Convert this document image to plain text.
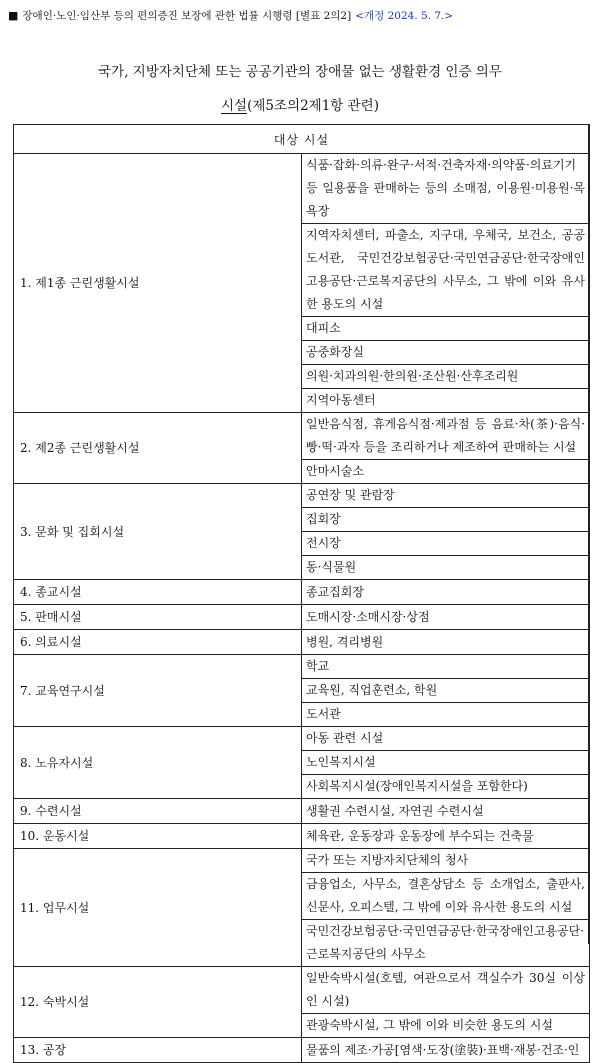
■ 장애인·노인·임산부 등의 편의증진 보장에 관한 법률 시행령 [별표 2의2] <개정 2024. 5. 7.>
국가, 지방자치단체 또는 공공기관의 장애물 없는 생활환경 인증 의무
시설(제5조의2제1항 관련)
대상 시설	
1. 제1종 근린생활시설	식품·잡화·의류·완구·서적·건축자재·의약품·의료기기 등 일용품을 판매하는 등의 소매점, 이용원·미용원·목욕장
	지역자치센터, 파출소, 지구대, 우체국, 보건소, 공공도서관, 국민건강보험공단·국민연금공단·한국장애인고용공단·근로복지공단의 사무소, 그 밖에 이와 유사한 용도의 시설
	대피소
	공중화장실
	의원·치과의원·한의원·조산원·산후조리원
	지역아동센터
2. 제2종 근린생활시설	일반음식점, 휴게음식점·제과점 등 음료·차(茶)·음식·빵·떡·과자 등을 조리하거나 제조하여 판매하는 시설
	안마시술소
3. 문화 및 집회시설	공연장 및 관람장
	집회장
	전시장
	동·식물원
4. 종교시설	종교집회장
5. 판매시설	도매시장·소매시장·상점
6. 의료시설	병원, 격리병원
7. 교육연구시설	학교
	교육원, 직업훈련소, 학원
	도서관
8. 노유자시설	아동 관련 시설
	노인복지시설
	사회복지시설(장애인복지시설을 포함한다)
9. 수련시설	생활권 수련시설, 자연권 수련시설
10. 운동시설	체육관, 운동장과 운동장에 부수되는 건축물
11. 업무시설	국가 또는 지방자치단체의 청사
	금융업소, 사무소, 결혼상담소 등 소개업소, 출판사, 신문사, 오피스텔, 그 밖에 이와 유사한 용도의 시설
	국민건강보험공단·국민연금공단·한국장애인고용공단·근로복지공단의 사무소
12. 숙박시설	일반숙박시설(호텔, 여관으로서 객실수가 30실 이상인 시설)
	관광숙박시설, 그 밖에 이와 비슷한 용도의 시설
13. 공장	물품의 제조·가공[염색·도장(塗裝)·표백·재봉·건조·인
